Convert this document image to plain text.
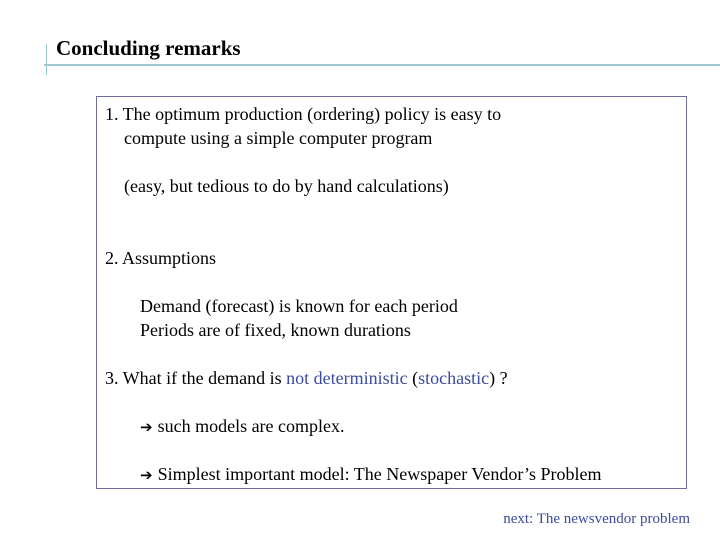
Concluding remarks
1. The optimum production (ordering) policy is easy to
compute using a simple computer program
(easy, but tedious to do by hand calculations)
2. Assumptions
Demand (forecast) is known for each period
Periods are of fixed, known durations
3. What if the demand is not deterministic (stochastic) ?
➔ such models are complex.
➔ Simplest important model: The Newspaper Vendor’s Problem
next: The newsvendor problem
